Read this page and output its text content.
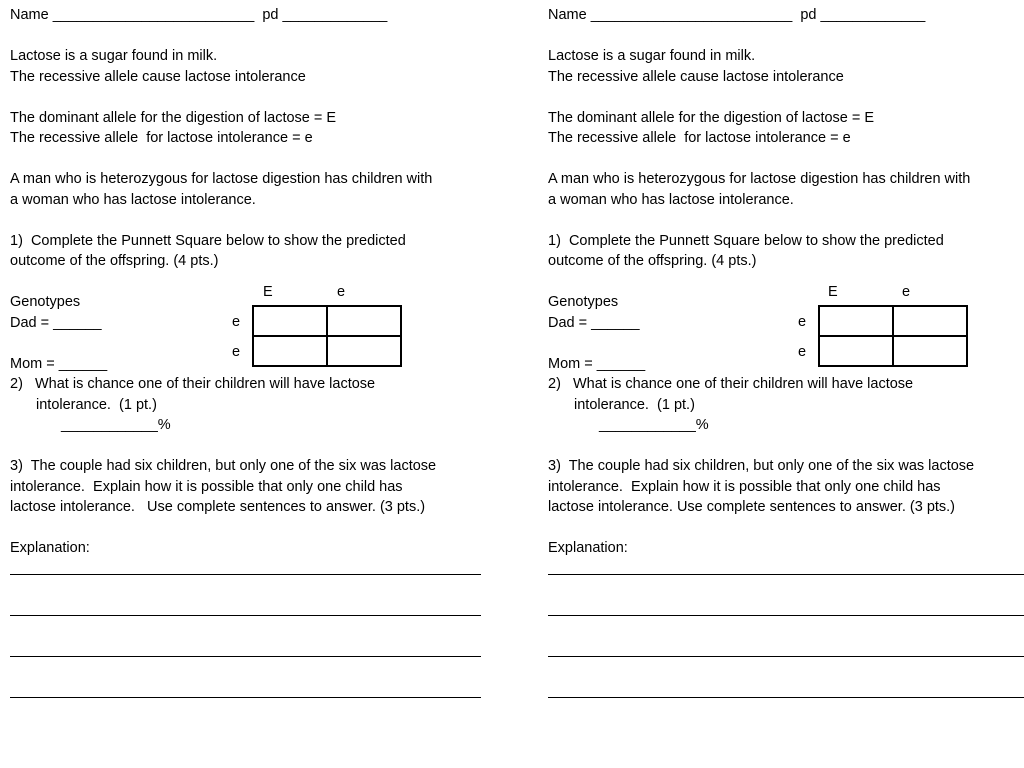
Name _________________________  pd _____________
Lactose is a sugar found in milk.
The recessive allele cause lactose intolerance
The dominant allele for the digestion of lactose = E
The recessive allele  for lactose intolerance = e
A man who is heterozygous for lactose digestion has children with
a woman who has lactose intolerance.
1)  Complete the Punnett Square below to show the predicted
outcome of the offspring. (4 pts.)
Genotypes
Dad = ______
Mom = ______
E	e
e
e
2)   What is chance one of their children will have lactose
intolerance.  (1 pt.)
____________%
3)  The couple had six children, but only one of the six was lactose
intolerance.  Explain how it is possible that only one child has
lactose intolerance.   Use complete sentences to answer. (3 pts.)
Explanation:
Name _________________________  pd _____________
Lactose is a sugar found in milk.
The recessive allele cause lactose intolerance
The dominant allele for the digestion of lactose = E
The recessive allele  for lactose intolerance = e
A man who is heterozygous for lactose digestion has children with
a woman who has lactose intolerance.
1)  Complete the Punnett Square below to show the predicted
outcome of the offspring. (4 pts.)
Genotypes
Dad = ______
Mom = ______
E	e
e
e
2)   What is chance one of their children will have lactose
intolerance.  (1 pt.)
____________%
3)  The couple had six children, but only one of the six was lactose
intolerance.  Explain how it is possible that only one child has
lactose intolerance. Use complete sentences to answer. (3 pts.)
Explanation:
